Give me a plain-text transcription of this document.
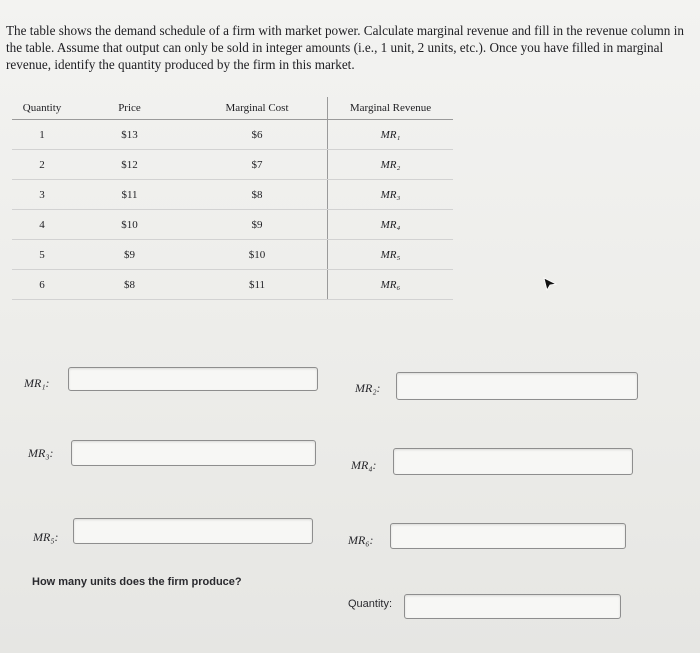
The table shows the demand schedule of a firm with market power. Calculate marginal revenue and fill in the revenue column in the table. Assume that output can only be sold in integer amounts (i.e., 1 unit, 2 units, etc.). Once you have filled in marginal revenue, identify the quantity produced by the firm in this market.
Quantity	Price	Marginal Cost	Marginal Revenue
1	$13	$6	MR₁
2	$12	$7	MR₂
3	$11	$8	MR₃
4	$10	$9	MR₄
5	$9	$10	MR₅
6	$8	$11	MR₆
MR₁:	MR₂:
MR₃:
MR₄:
MR₅:	MR₆:
How many units does the firm produce?
Quantity:
